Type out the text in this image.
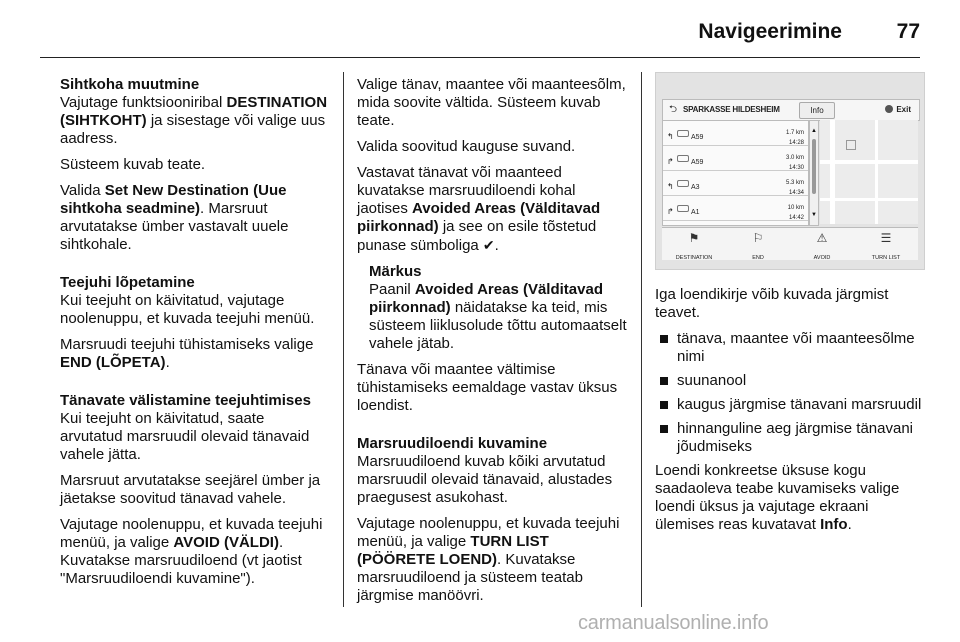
Navigeerimine	77

Sihtkoha muutmine

Vajutage funktsiooniribal DESTINATION (SIHTKOHT) ja sisestage või valige uus aadress.

Süsteem kuvab teate.

Valida Set New Destination (Uue sihtkoha seadmine). Marsruut arvutatakse ümber vastavalt uuele sihtkohale.

Teejuhi lõpetamine

Kui teejuht on käivitatud, vajutage noolenuppu, et kuvada teejuhi menüü.

Marsruudi teejuhi tühistamiseks valige END (LÕPETA).

Tänavate välistamine teejuhtimises

Kui teejuht on käivitatud, saate arvutatud marsruudil olevaid tänavaid vahele jätta.

Marsruut arvutatakse seejärel ümber ja jäetakse soovitud tänavad vahele.

Vajutage noolenuppu, et kuvada teejuhi menüü, ja valige AVOID (VÄLDI). Kuvatakse marsruudiloend (vt jaotist "Marsruudiloendi kuvamine").

Valige tänav, maantee või maanteesõlm, mida soovite vältida. Süsteem kuvab teate.

Valida soovitud kauguse suvand.

Vastavat tänavat või maanteed kuvatakse marsruudiloendi kohal jaotises Avoided Areas (Välditavad piirkonnad) ja see on esile tõstetud punase sümboliga ✔.

Märkus

Paanil Avoided Areas (Välditavad piirkonnad) näidatakse ka teid, mis süsteem liiklusolude tõttu automaatselt vahele jätab.

Tänava või maantee vältimise tühistamiseks eemaldage vastav üksus loendist.

Marsruudiloendi kuvamine

Marsruudiloend kuvab kõiki arvutatud marsruudil olevaid tänavaid, alustades praegusest asukohast.

Vajutage noolenuppu, et kuvada teejuhi menüü, ja valige TURN LIST (PÖÖRETE LOEND). Kuvatakse marsruudiloend ja süsteem teatab järgmise manöövri.

⮌ SPARKASSE HILDESHEIM	Info	Exit
↰ A59
1.7 km
14:28
↱ A59
3.0 km
14:30
↰ A3
5.3 km
14:34
↱ A1
10 km
14:42
▲
▼
⚑
DESTINATION
⚐
END
⚠
AVOID
☰
TURN LIST

Iga loendikirje võib kuvada järgmist teavet.

tänava, maantee või maanteesõlme nimi
suunanool
kaugus järgmise tänavani marsruudil
hinnanguline aeg järgmise tänavani jõudmiseks

Loendi konkreetse üksuse kogu saadaoleva teabe kuvamiseks valige loendi üksus ja vajutage ekraani ülemises reas kuvatavat Info.

carmanualsonline.info
